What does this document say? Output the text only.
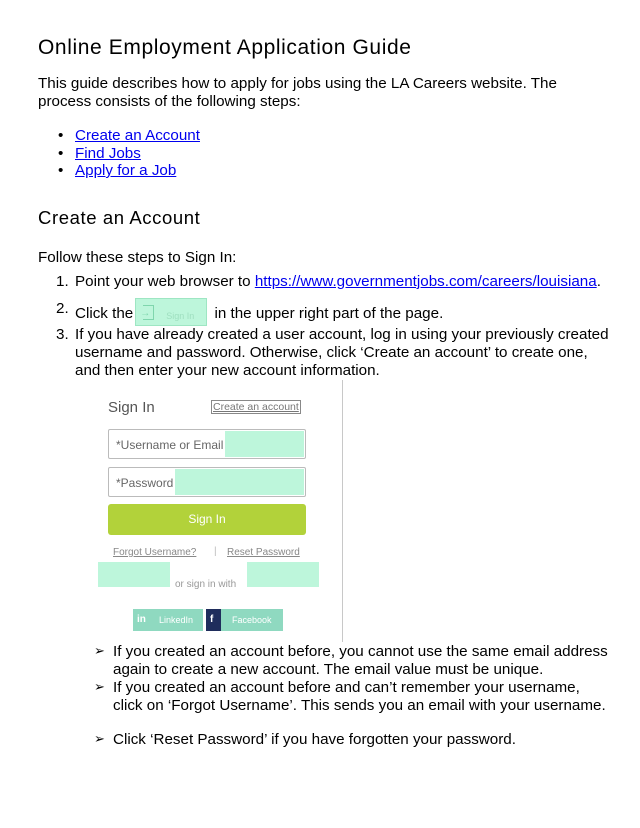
Online Employment Application Guide
This guide describes how to apply for jobs using the LA Careers website. The process consists of the following steps:
• Create an Account
• Find Jobs
• Apply for a Job
Create an Account
Follow these steps to Sign In:
1. Point your web browser to https://www.governmentjobs.com/careers/louisiana.
2. Click the → Sign In in the upper right part of the page.
3. If you have already created a user account, log in using your previously created username and password. Otherwise, click ‘Create an account’ to create one, and then enter your new account information.
Sign In	Create an account
*Username or Email
*Password
Sign In
Forgot Username? | Reset Password
or sign in with
in LinkedIn f Facebook
➢ If you created an account before, you cannot use the same email address again to create a new account. The email value must be unique.
➢ If you created an account before and can’t remember your username, click on ‘Forgot Username’. This sends you an email with your username.
➢ Click ‘Reset Password’ if you have forgotten your password.
